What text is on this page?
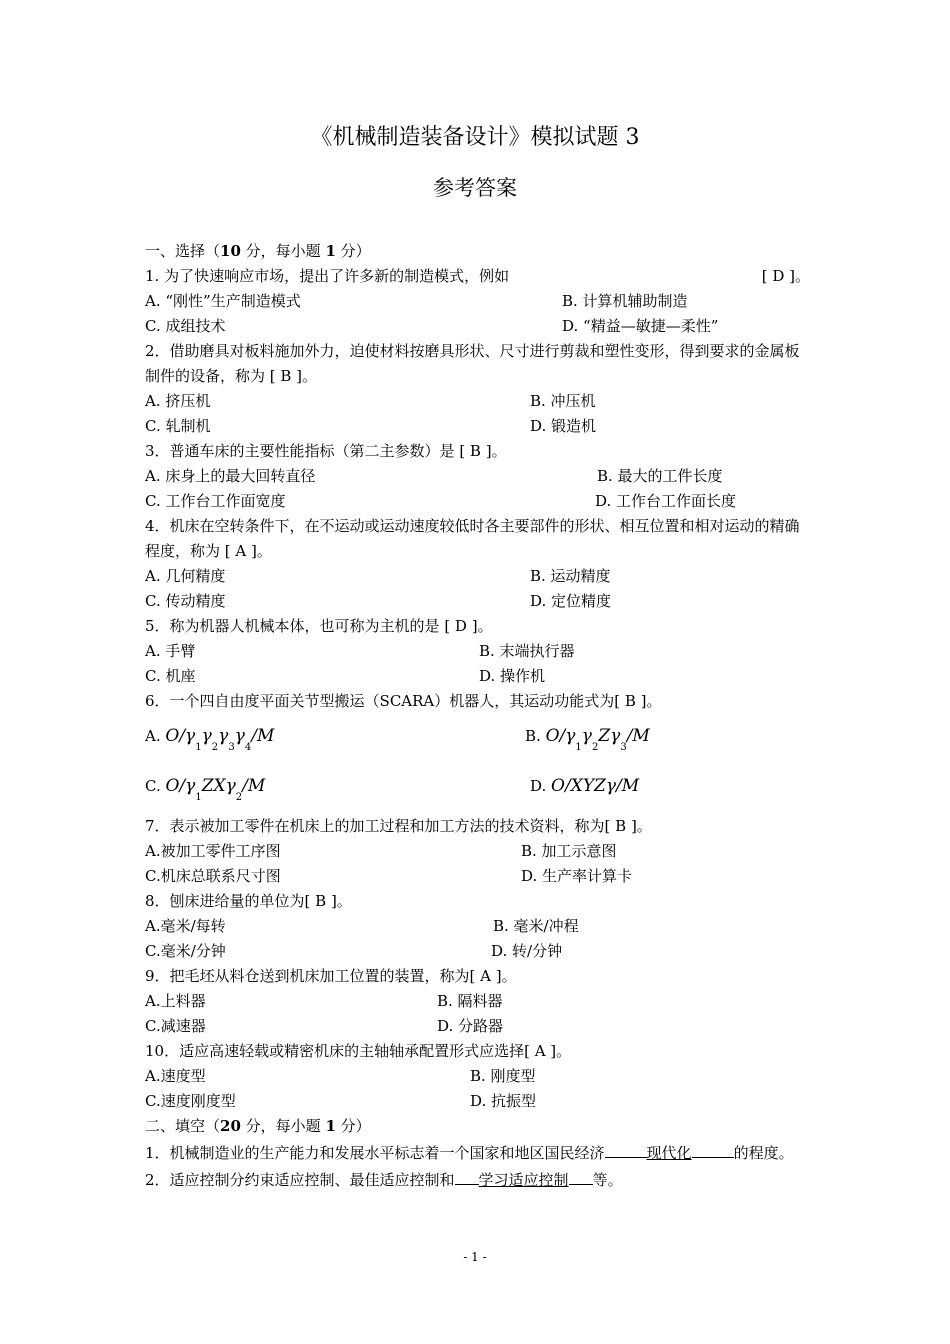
《机械制造装备设计》模拟试题 3
参考答案
一、选择（10 分，每小题 1 分）
1. 为了快速响应市场，提出了许多新的制造模式，例如	[ D ]。
A. “刚性”生产制造模式	B. 计算机辅助制造
C. 成组技术	D. “精益—敏捷—柔性”
2．借助磨具对板料施加外力，迫使材料按磨具形状、尺寸进行剪裁和塑性变形，得到要求的金属板制件的设备，称为 [ B ]。
A. 挤压机	B. 冲压机
C. 轧制机	D. 锻造机
3．普通车床的主要性能指标（第二主参数）是 [ B ]。
A. 床身上的最大回转直径	B. 最大的工件长度
C. 工作台工作面宽度	D. 工作台工作面长度
4．机床在空转条件下，在不运动或运动速度较低时各主要部件的形状、相互位置和相对运动的精确程度，称为 [ A ]。
A. 几何精度	B. 运动精度
C. 传动精度	D. 定位精度
5．称为机器人机械本体，也可称为主机的是 [ D ]。
A. 手臂	B. 末端执行器
C. 机座	D. 操作机
6．一个四自由度平面关节型搬运（SCARA）机器人，其运动功能式为[ B ]。
A. $O/\gamma_1\gamma_2\gamma_3\gamma_4/M$	B. $O/\gamma_1\gamma_2Z\gamma_3/M$
C. $O/\gamma_1ZX\gamma_2/M$	D. O/XYZγ/M
7．表示被加工零件在机床上的加工过程和加工方法的技术资料，称为[ B ]。
A.被加工零件工序图	B. 加工示意图
C.机床总联系尺寸图	D. 生产率计算卡
8．刨床进给量的单位为[ B ]。
A.毫米/每转	B. 毫米/冲程
C.毫米/分钟	D. 转/分钟
9．把毛坯从料仓送到机床加工位置的装置，称为[ A ]。
A.上料器	B. 隔料器
C.减速器	D. 分路器
10．适应高速轻载或精密机床的主轴轴承配置形式应选择[ A ]。
A.速度型	B. 刚度型
C.速度刚度型	D. 抗振型
二、填空（20 分，每小题 1 分）
1．机械制造业的生产能力和发展水平标志着一个国家和地区国民经济	现代化	的程度。
2．适应控制分约束适应控制、最佳适应控制和 学习适应控制 等。
- 1 -
